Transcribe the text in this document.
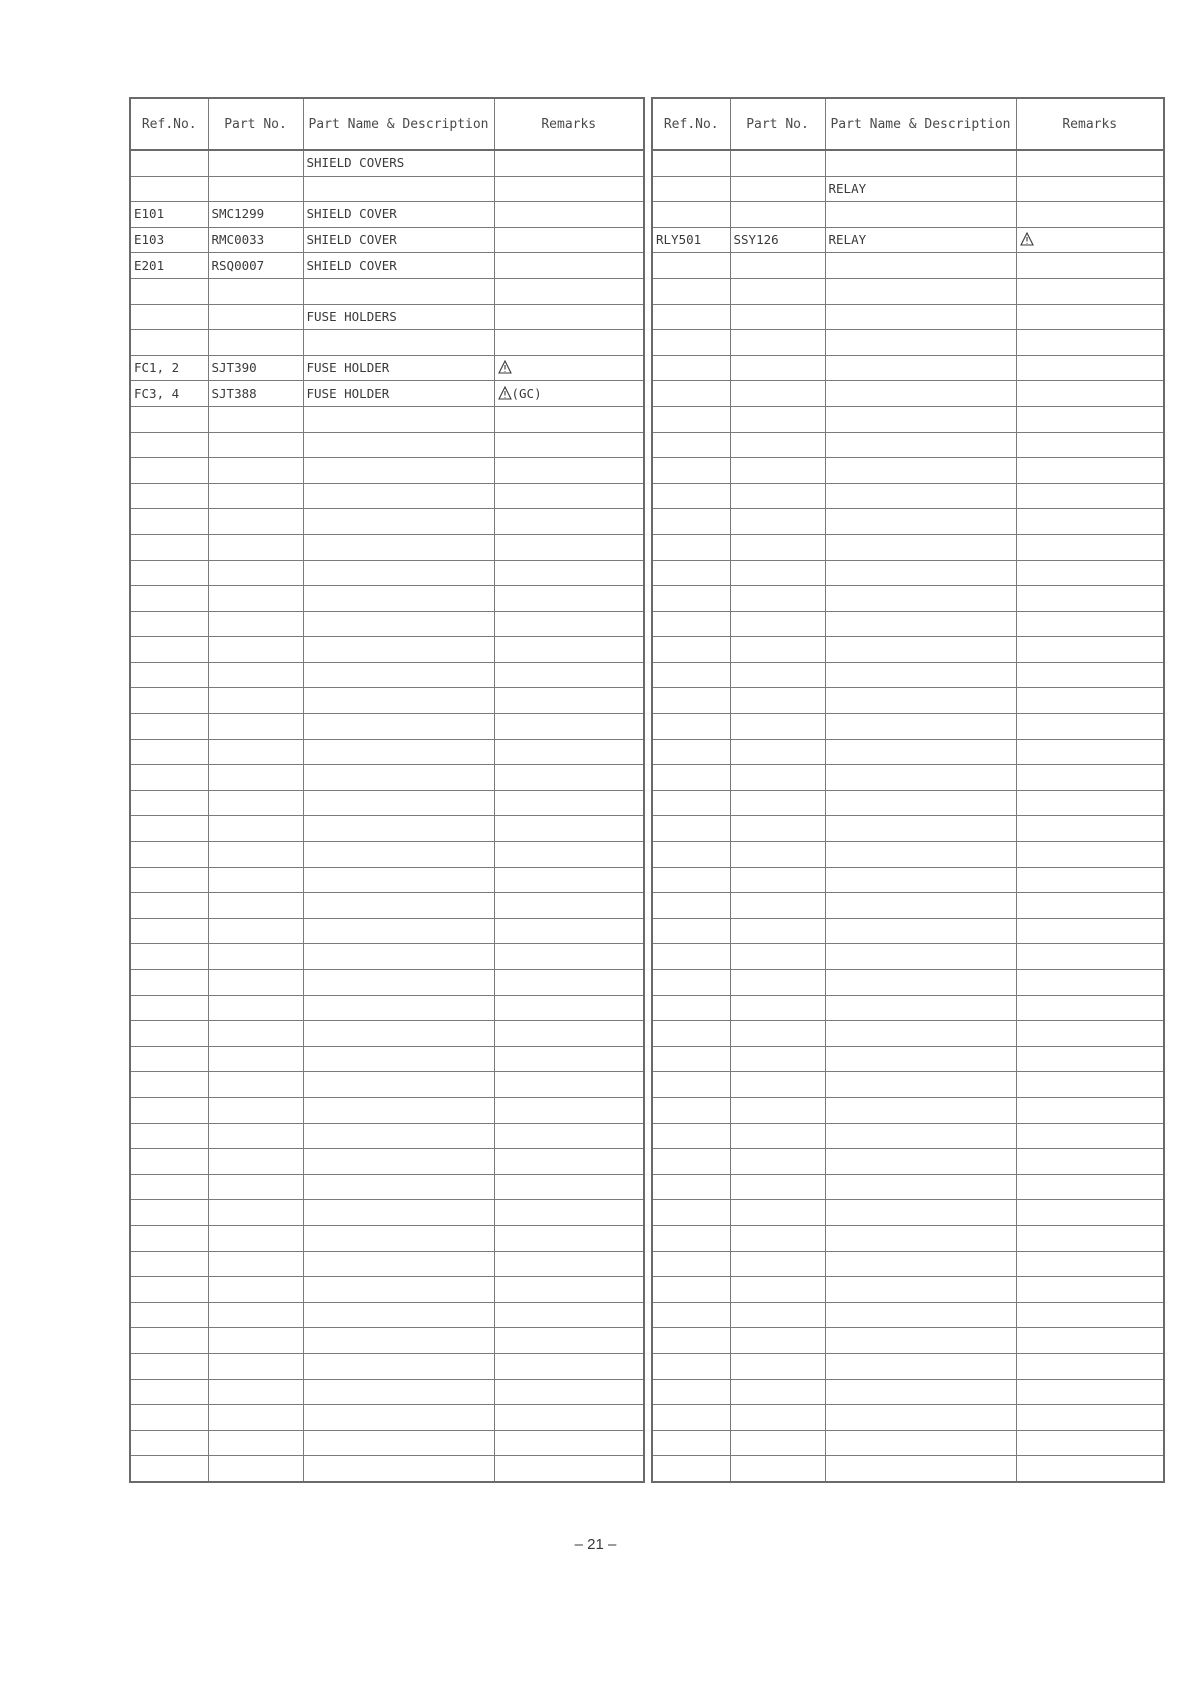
Ref.No.	Part No.	Part Name & Description	Remarks
		SHIELD COVERS	

E101	SMC1299	SHIELD COVER	
E103	RMC0033	SHIELD COVER	
E201	RSQ0007	SHIELD COVER	

		FUSE HOLDERS	

FC1, 2	SJT390	FUSE HOLDER	
FC3, 4	SJT388	FUSE HOLDER	(GC)

Ref.No.	Part No.	Part Name & Description	Remarks

		RELAY	

RLY501	SSY126	RELAY	

– 21 –
